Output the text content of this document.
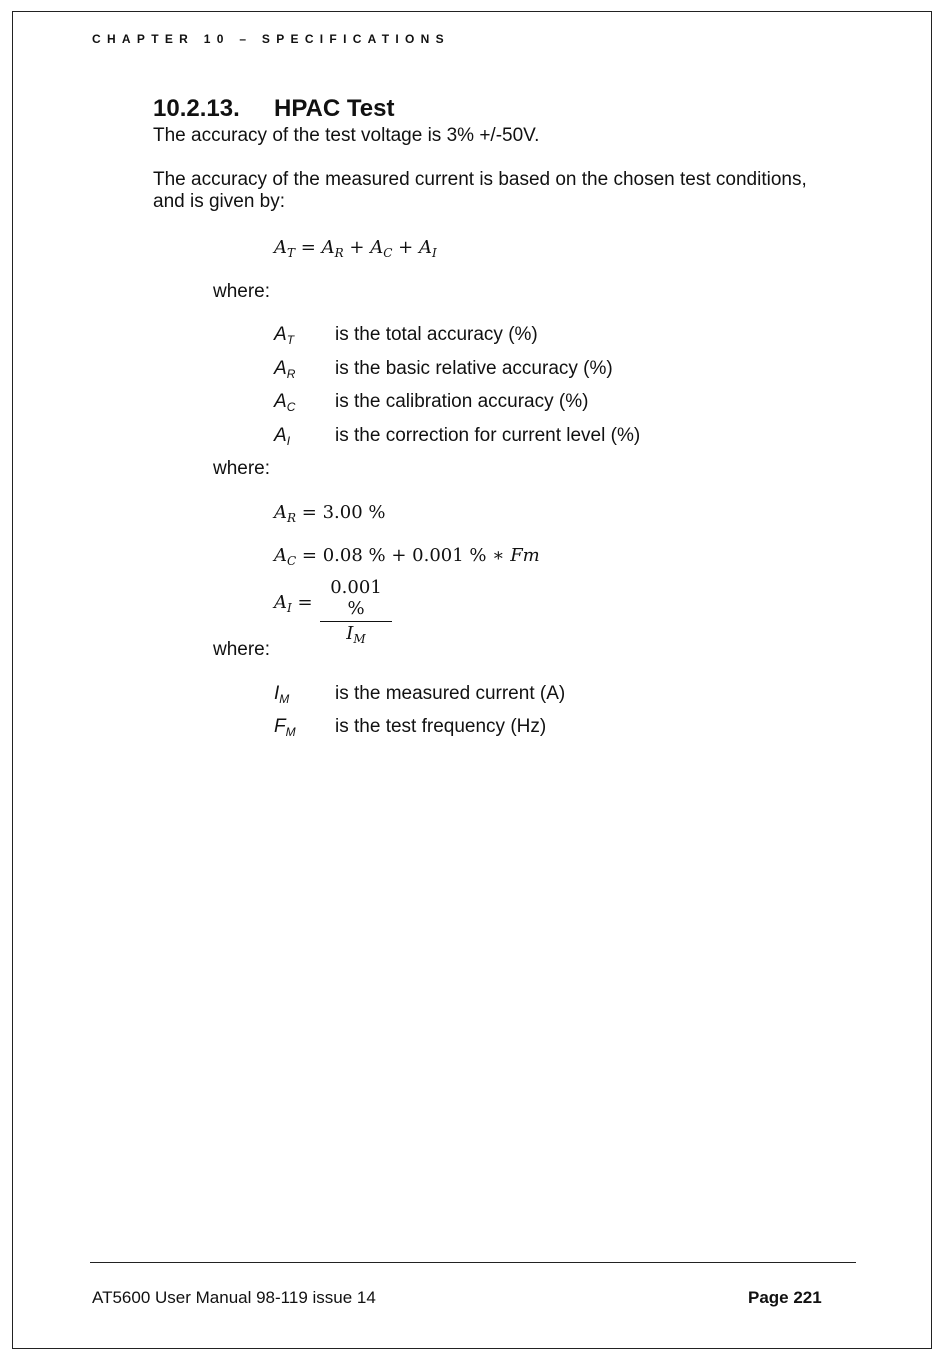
CHAPTER 10 – SPECIFICATIONS
10.2.13. HPAC Test

The accuracy of the test voltage is 3% +/-50V.

The accuracy of the measured current is based on the chosen test conditions, and is given by:

$A_T = A_R + A_C + A_I$
where:
$A_T$ is the total accuracy (%)
$A_R$ is the basic relative accuracy (%)
$A_C$ is the calibration accuracy (%)
$A_I$ is the correction for current level (%)
where:
$A_R = 3.00$ %
$A_C = 0.08$ % + 0.001 % ∗ Fm
$A_I$ =
0.001 %
$I_M$
where:
$I_M$ is the measured current (A)
$F_M$ is the test frequency (Hz)
AT5600 User Manual 98-119 issue 14	Page 221
